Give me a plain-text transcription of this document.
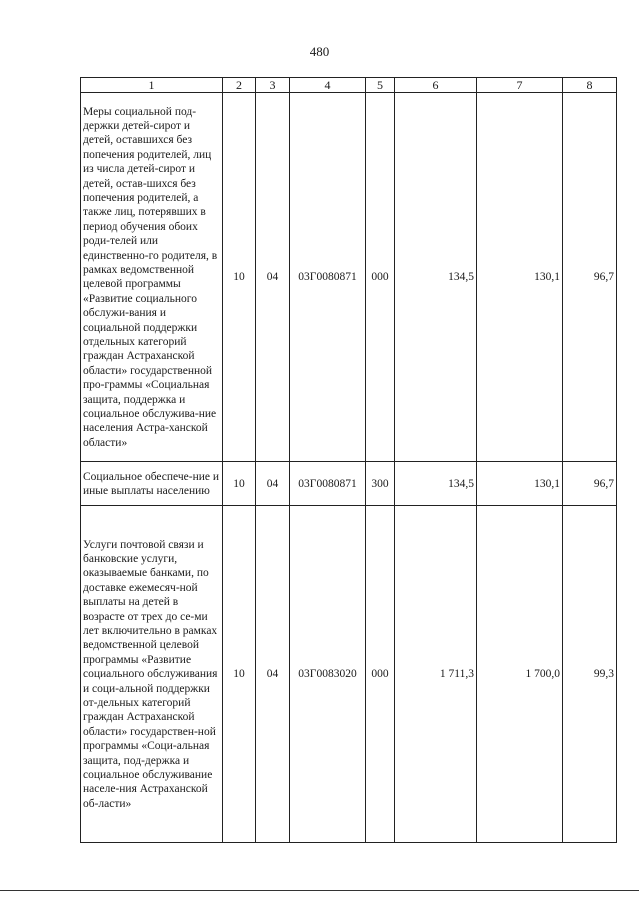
480
1	2	3	4	5	6	7	8
Меры социальной под-держки детей-сирот и детей, оставшихся без попечения родителей, лиц из числа детей-сирот и детей, остав-шихся без попечения родителей, а также лиц, потерявших в период обучения обоих роди-телей или единственно-го родителя, в рамках ведомственной целевой программы «Развитие социального обслужи-вания и социальной поддержки отдельных категорий граждан Астраханской области» государственной про-граммы «Социальная защита, поддержка и социальное обслужива-ние населения Астра-ханской области»	10	04	03Г0080871	000	134,5	130,1	96,7
Социальное обеспече-ние и иные выплаты населению	10	04	03Г0080871	300	134,5	130,1	96,7
Услуги почтовой связи и банковские услуги, оказываемые банками, по доставке ежемесяч-ной выплаты на детей в возрасте от трех до се-ми лет включительно в рамках ведомственной целевой программы «Развитие социального обслуживания и соци-альной поддержки от-дельных категорий граждан Астраханской области» государствен-ной программы «Соци-альная защита, под-держка и социальное обслуживание населе-ния Астраханской об-ласти»	10	04	03Г0083020	000	1 711,3	1 700,0	99,3
